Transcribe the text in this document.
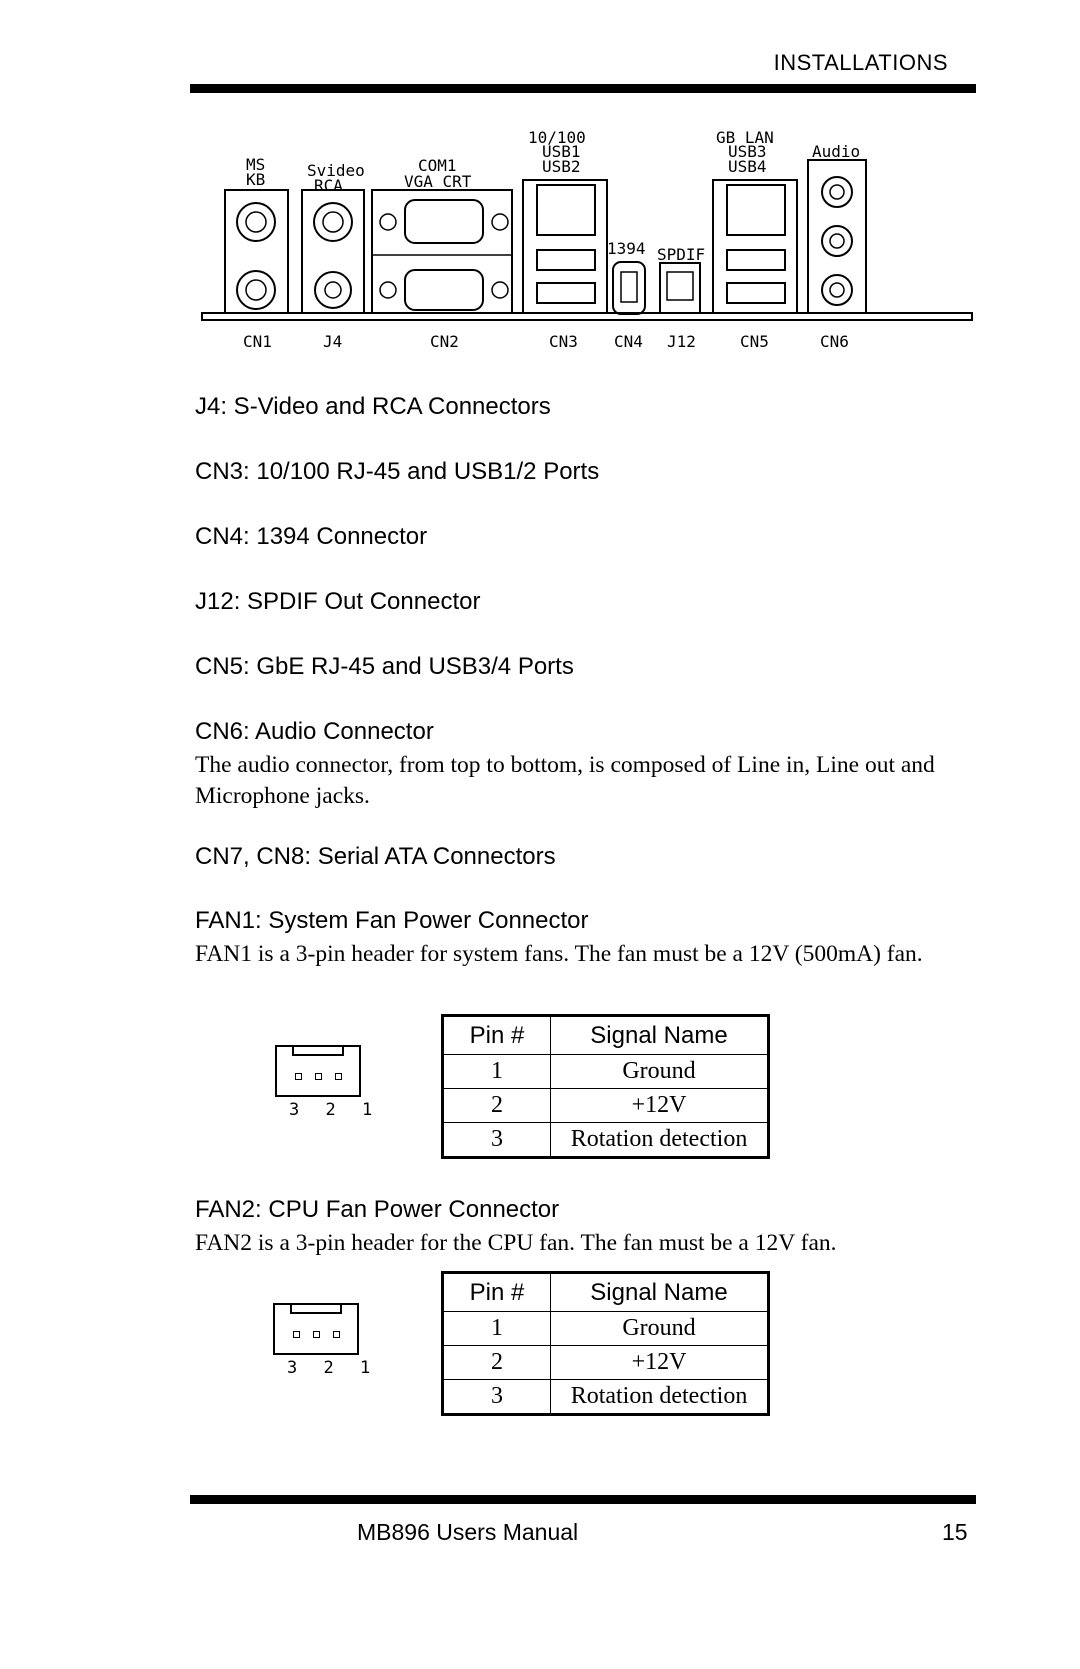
INSTALLATIONS
MS
KB	Svideo
RCA
COM1
VGA CRT
10/100
USB1
USB2
GB LAN
USB3
USB4
Audio
1394 SPDIF
CN1	J4	CN2	CN3 CN4 J12	CN5	CN6
J4: S-Video and RCA Connectors
CN3: 10/100 RJ-45 and USB1/2 Ports
CN4: 1394 Connector
J12: SPDIF Out Connector
CN5: GbE RJ-45 and USB3/4 Ports
CN6: Audio Connector
The audio connector, from top to bottom, is composed of Line in, Line out and Microphone jacks.
CN7, CN8: Serial ATA Connectors
FAN1: System Fan Power Connector
FAN1 is a 3-pin header for system fans. The fan must be a 12V (500mA) fan.
3 2 1
Pin #	Signal Name
1	Ground
2	+12V
3	Rotation detection
FAN2: CPU Fan Power Connector
FAN2 is a 3-pin header for the CPU fan. The fan must be a 12V fan.
3 2 1
Pin #	Signal Name
1	Ground
2	+12V
3	Rotation detection
MB896 Users Manual	15
